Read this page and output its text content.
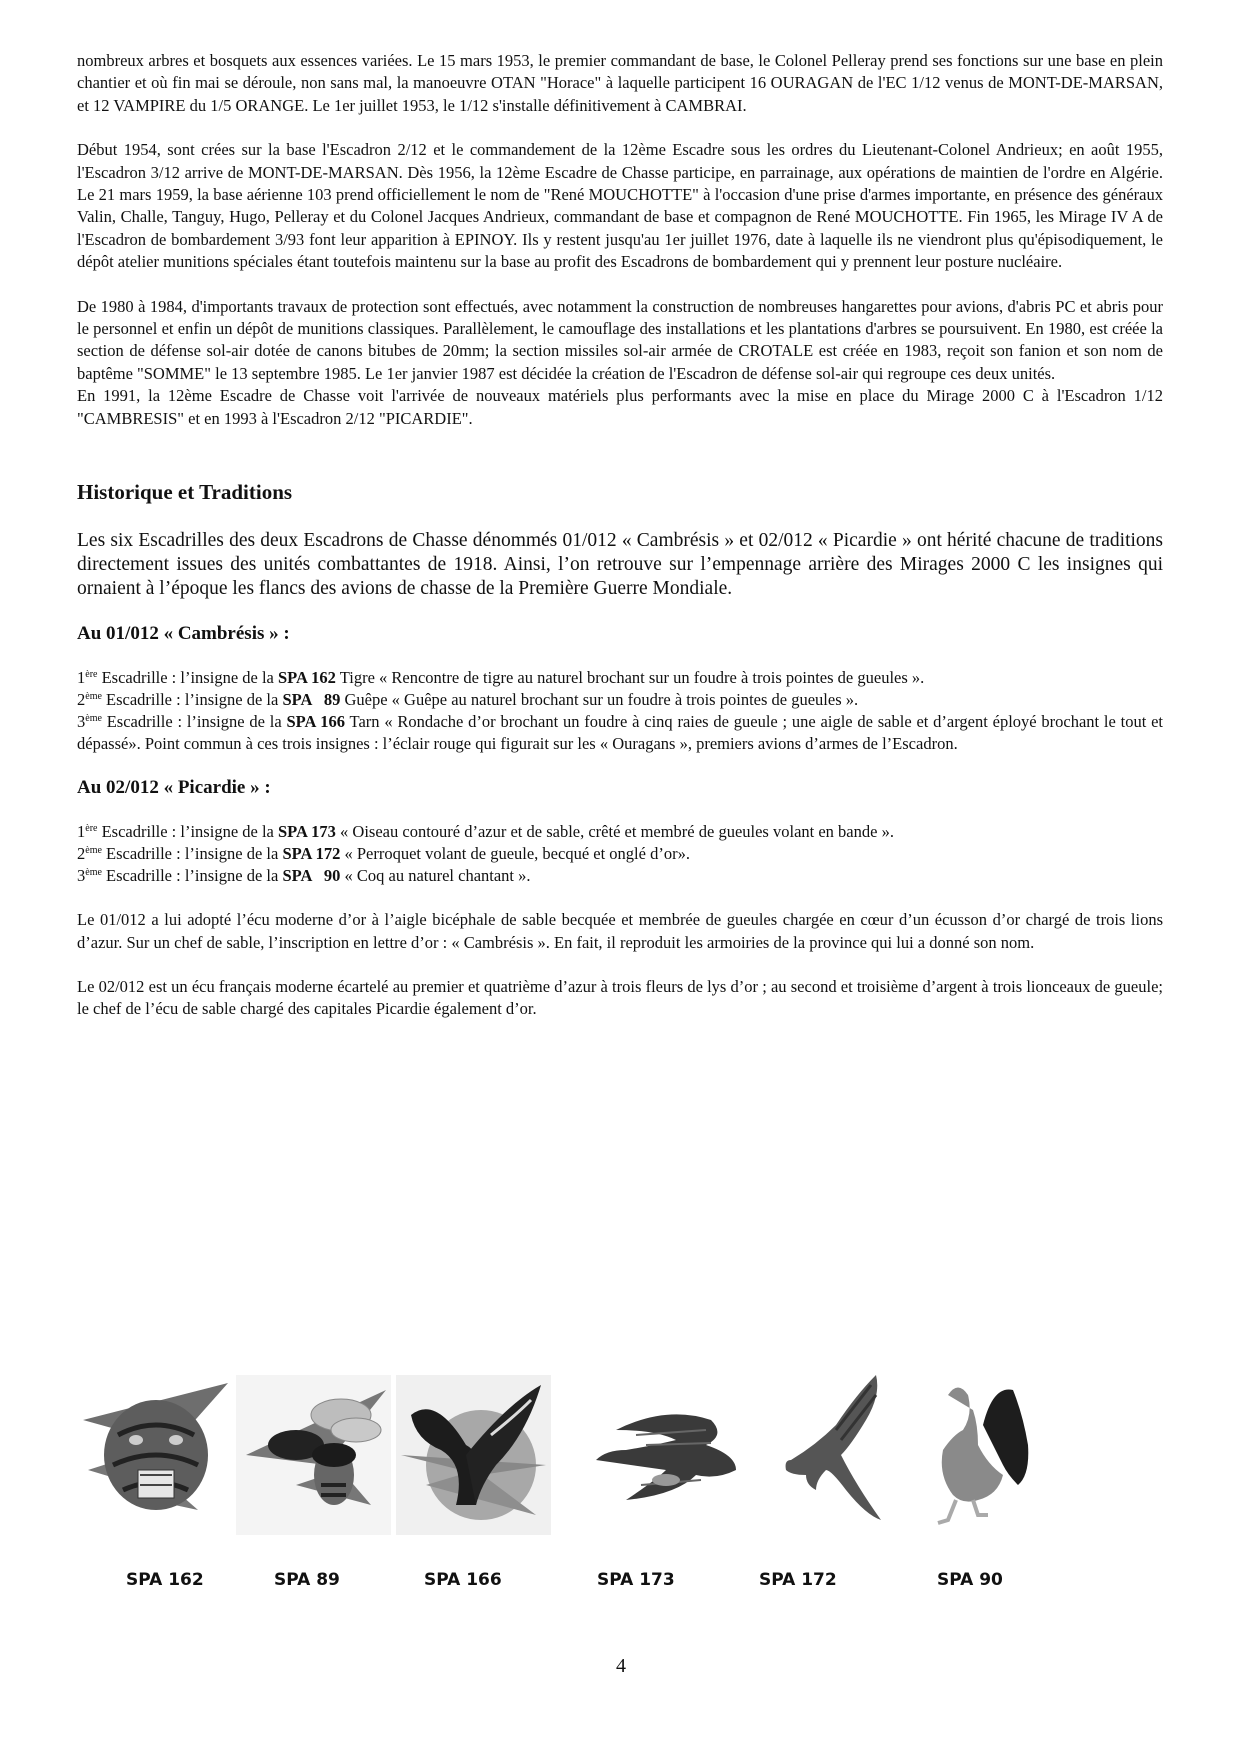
nombreux arbres et bosquets aux essences variées. Le 15 mars 1953, le premier commandant de base, le Colonel Pelleray prend ses fonctions sur une base en plein chantier et où fin mai se déroule, non sans mal, la manoeuvre OTAN "Horace" à laquelle participent 16 OURAGAN de l'EC 1/12 venus de MONT-DE-MARSAN, et 12 VAMPIRE du 1/5 ORANGE. Le 1er juillet 1953, le 1/12 s'installe définitivement à CAMBRAI.

Début 1954, sont crées sur la base l'Escadron 2/12 et le commandement de la 12ème Escadre sous les ordres du Lieutenant-Colonel Andrieux; en août 1955, l'Escadron 3/12 arrive de MONT-DE-MARSAN. Dès 1956, la 12ème Escadre de Chasse participe, en parrainage, aux opérations de maintien de l'ordre en Algérie. Le 21 mars 1959, la base aérienne 103 prend officiellement le nom de "René MOUCHOTTE" à l'occasion d'une prise d'armes importante, en présence des généraux Valin, Challe, Tanguy, Hugo, Pelleray et du Colonel Jacques Andrieux, commandant de base et compagnon de René MOUCHOTTE. Fin 1965, les Mirage IV A de l'Escadron de bombardement 3/93 font leur apparition à EPINOY. Ils y restent jusqu'au 1er juillet 1976, date à laquelle ils ne viendront plus qu'épisodiquement, le dépôt atelier munitions spéciales étant toutefois maintenu sur la base au profit des Escadrons de bombardement qui y prennent leur posture nucléaire.

De 1980 à 1984, d'importants travaux de protection sont effectués, avec notamment la construction de nombreuses hangarettes pour avions, d'abris PC et abris pour le personnel et enfin un dépôt de munitions classiques. Parallèlement, le camouflage des installations et les plantations d'arbres se poursuivent. En 1980, est créée la section de défense sol-air dotée de canons bitubes de 20mm; la section missiles sol-air armée de CROTALE est créée en 1983, reçoit son fanion et son nom de baptême "SOMME" le 13 septembre 1985. Le 1er janvier 1987 est décidée la création de l'Escadron de défense sol-air qui regroupe ces deux unités.

En 1991, la 12ème Escadre de Chasse voit l'arrivée de nouveaux matériels plus performants avec la mise en place du Mirage 2000 C à l'Escadron 1/12 "CAMBRESIS" et en 1993 à l'Escadron 2/12 "PICARDIE".

Historique et Traditions

Les six Escadrilles des deux Escadrons de Chasse dénommés 01/012 « Cambrésis » et 02/012 « Picardie » ont hérité chacune de traditions directement issues des unités combattantes de 1918. Ainsi, l’on retrouve sur l’empennage arrière des Mirages 2000 C les insignes qui ornaient à l’époque les flancs des avions de chasse de la Première Guerre Mondiale.

Au 01/012 « Cambrésis » :

1ère Escadrille : l’insigne de la SPA 162 Tigre « Rencontre de tigre au naturel brochant sur un foudre à trois pointes de gueules ».

2ème Escadrille : l’insigne de la SPA   89 Guêpe « Guêpe au naturel brochant sur un foudre à trois pointes de gueules ».

3ème Escadrille : l’insigne de la SPA 166 Tarn « Rondache d’or brochant un foudre à cinq raies de gueule ; une aigle de sable et d’argent éployé brochant le tout et dépassé». Point commun à ces trois insignes : l’éclair rouge qui figurait sur les « Ouragans », premiers avions d’armes de l’Escadron.

Au 02/012 « Picardie » :

1ère Escadrille : l’insigne de la SPA 173 « Oiseau contouré d’azur et de sable, crêté et membré de gueules volant en bande ».

2ème Escadrille : l’insigne de la SPA 172 « Perroquet volant de gueule, becqué et onglé d’or».

3ème Escadrille : l’insigne de la SPA   90 « Coq au naturel chantant ».

Le 01/012 a lui adopté l’écu moderne d’or à l’aigle bicéphale de sable becquée et membrée de gueules chargée en cœur d’un écusson d’or chargé de trois lions d’azur. Sur un chef de sable, l’inscription en lettre d’or : « Cambrésis ». En fait, il reproduit les armoiries de la province qui lui a donné son nom.

Le 02/012 est un écu français moderne écartelé au premier et quatrième d’azur à trois fleurs de lys d’or ; au second et troisième d’argent à trois lionceaux de gueule; le chef de l’écu de sable chargé des capitales Picardie également d’or.

SPA 162	SPA 89	SPA 166	SPA 173	SPA 172	SPA 90
4
